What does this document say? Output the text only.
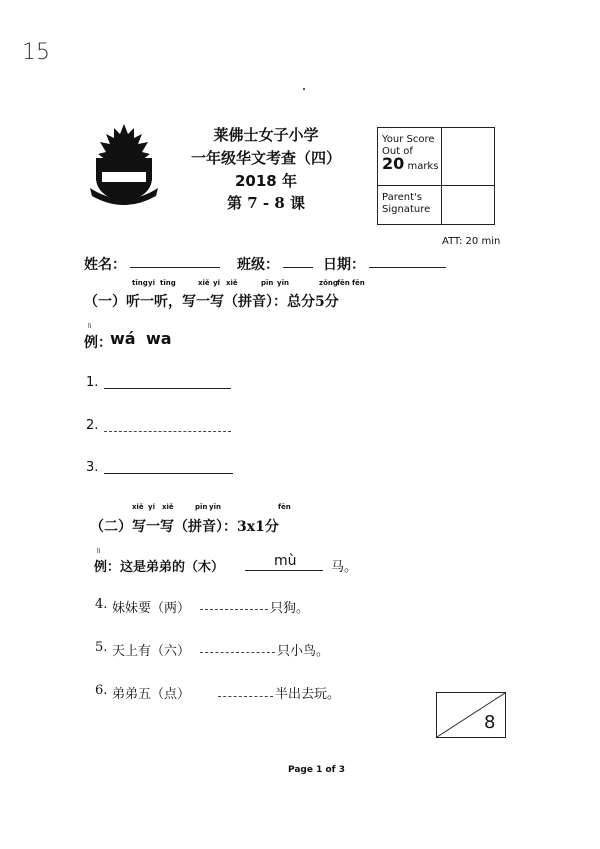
15
莱佛士女子小学
一年级华文考查（四）
2018 年
第 7 - 8 课
Your Score
Out of
20 marks
Parent's
Signature
ATT: 20 min
姓名：	班级：	日期：
tīng yi tīng	xiě yi xiě	pīn yīn	zǒng fēn fēn
（一）听一听，写一写（拼音）：总分5分
lì
例：
wá wa
1.
2.
3.
xiě yi xiě	pīn yīn	fēn
（二）写一写（拼音）：3x1分
lì
例：这是弟弟的（木）	mù	马。
4. 妹妹要（两）	只狗。
5. 天上有（六）	只小鸟。
6. 弟弟五（点）	半出去玩。
8
Page 1 of 3
